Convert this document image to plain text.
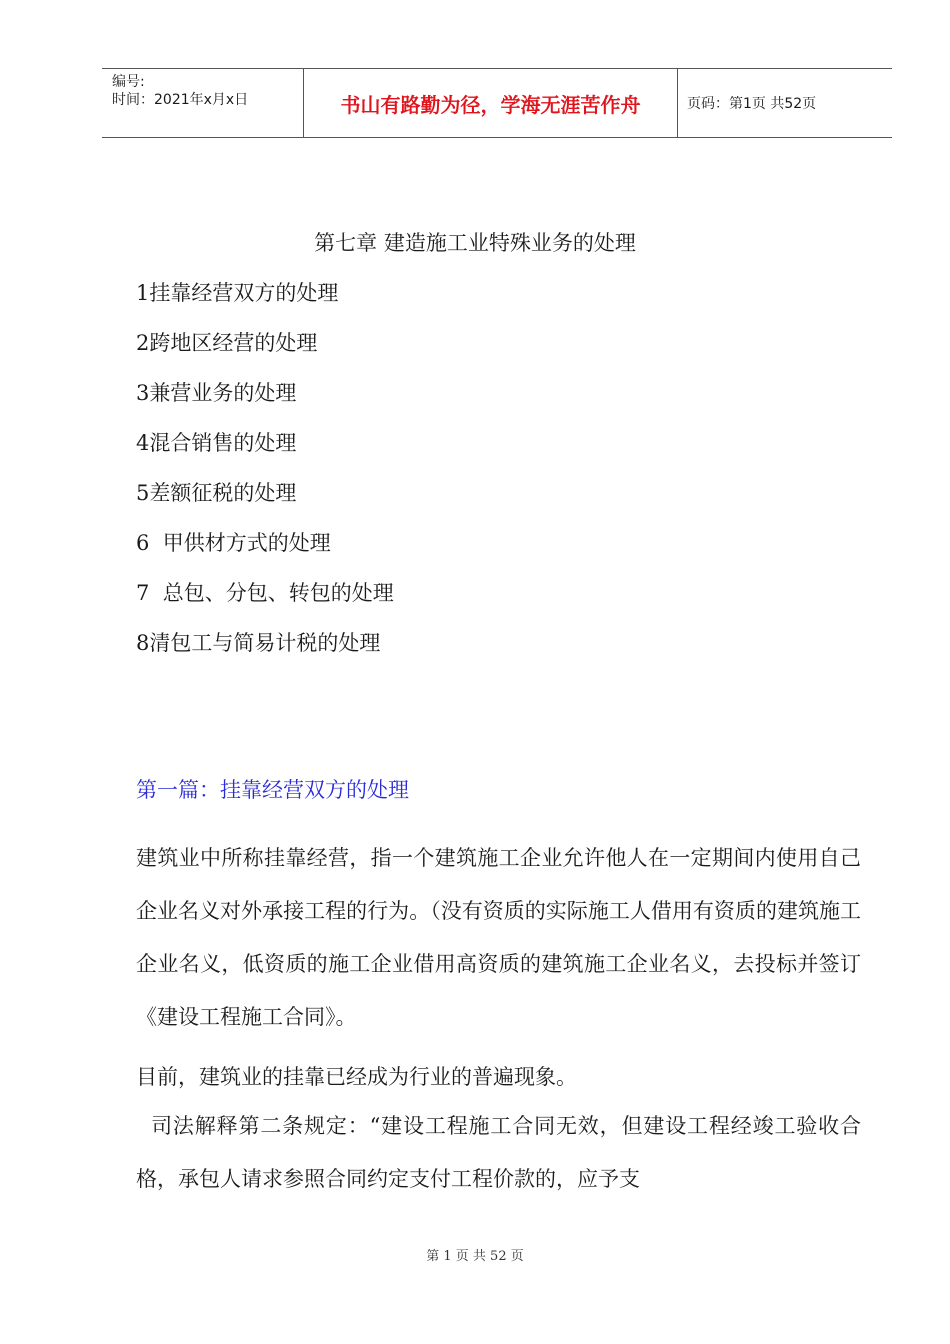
编号:
时间：2021年x月x日	书山有路勤为径，学海无涯苦作舟	页码：第1页 共52页
第七章 建造施工业特殊业务的处理
1挂靠经营双方的处理
2跨地区经营的处理
3兼营业务的处理
4混合销售的处理
5差额征税的处理
6  甲供材方式的处理
7  总包、分包、转包的处理
8清包工与简易计税的处理
第一篇：挂靠经营双方的处理

建筑业中所称挂靠经营，指一个建筑施工企业允许他人在一定期间内使用自己企业名义对外承接工程的行为。（没有资质的实际施工人借用有资质的建筑施工企业名义，低资质的施工企业借用高资质的建筑施工企业名义，去投标并签订《建设工程施工合同》。

目前，建筑业的挂靠已经成为行业的普遍现象。

司法解释第二条规定：“建设工程施工合同无效，但建设工程经竣工验收合格，承包人请求参照合同约定支付工程价款的，应予支

第 1 页 共 52 页
